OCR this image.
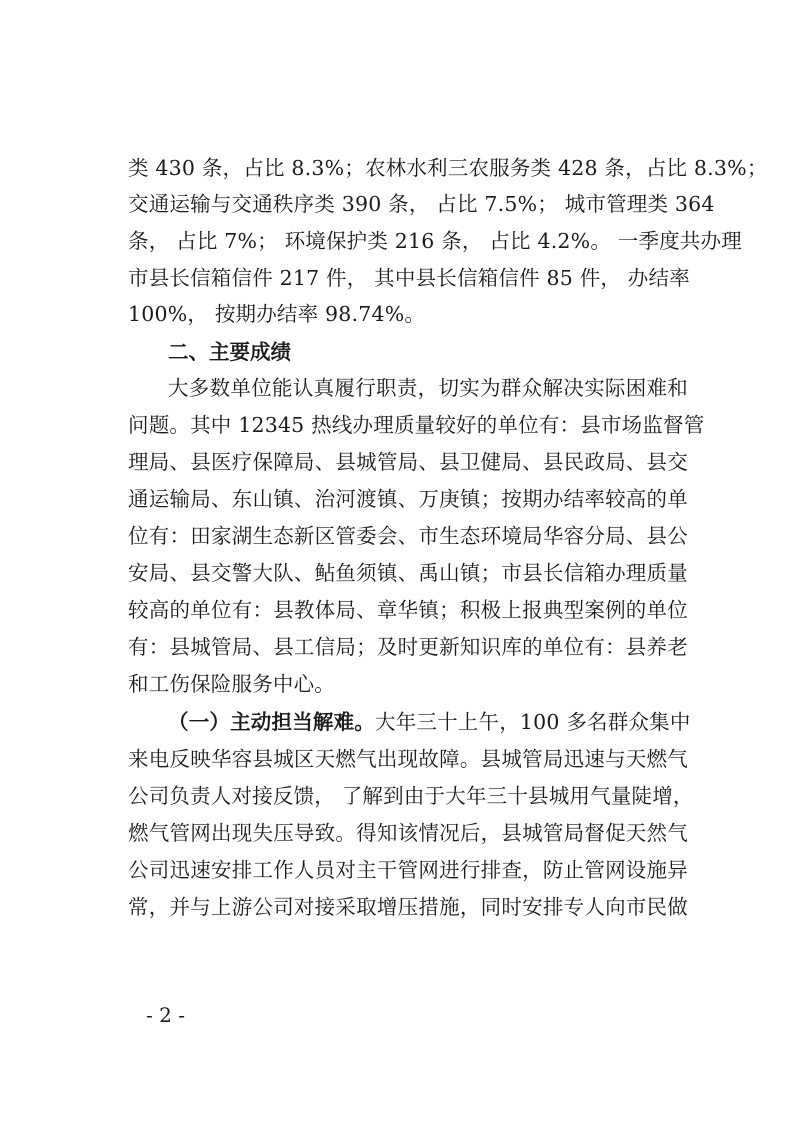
类 430 条，占比 8.3%；农林水利三农服务类 428 条，占比 8.3%；
交通运输与交通秩序类 390 条， 占比 7.5%； 城市管理类 364
条， 占比 7%； 环境保护类 216 条， 占比 4.2%。 一季度共办理
市县长信箱信件 217 件， 其中县长信箱信件 85 件， 办结率
100%， 按期办结率 98.74%。
二、主要成绩
大多数单位能认真履行职责，切实为群众解决实际困难和
问题。其中 12345 热线办理质量较好的单位有：县市场监督管
理局、县医疗保障局、县城管局、县卫健局、县民政局、县交
通运输局、东山镇、治河渡镇、万庚镇；按期办结率较高的单
位有：田家湖生态新区管委会、市生态环境局华容分局、县公
安局、县交警大队、鲇鱼须镇、禹山镇；市县长信箱办理质量
较高的单位有：县教体局、章华镇；积极上报典型案例的单位
有：县城管局、县工信局；及时更新知识库的单位有：县养老
和工伤保险服务中心。
（一）主动担当解难。大年三十上午，100 多名群众集中
来电反映华容县城区天燃气出现故障。县城管局迅速与天燃气
公司负责人对接反馈， 了解到由于大年三十县城用气量陡增，
燃气管网出现失压导致。得知该情况后，县城管局督促天然气
公司迅速安排工作人员对主干管网进行排查，防止管网设施异
常，并与上游公司对接采取增压措施，同时安排专人向市民做
- 2 -
